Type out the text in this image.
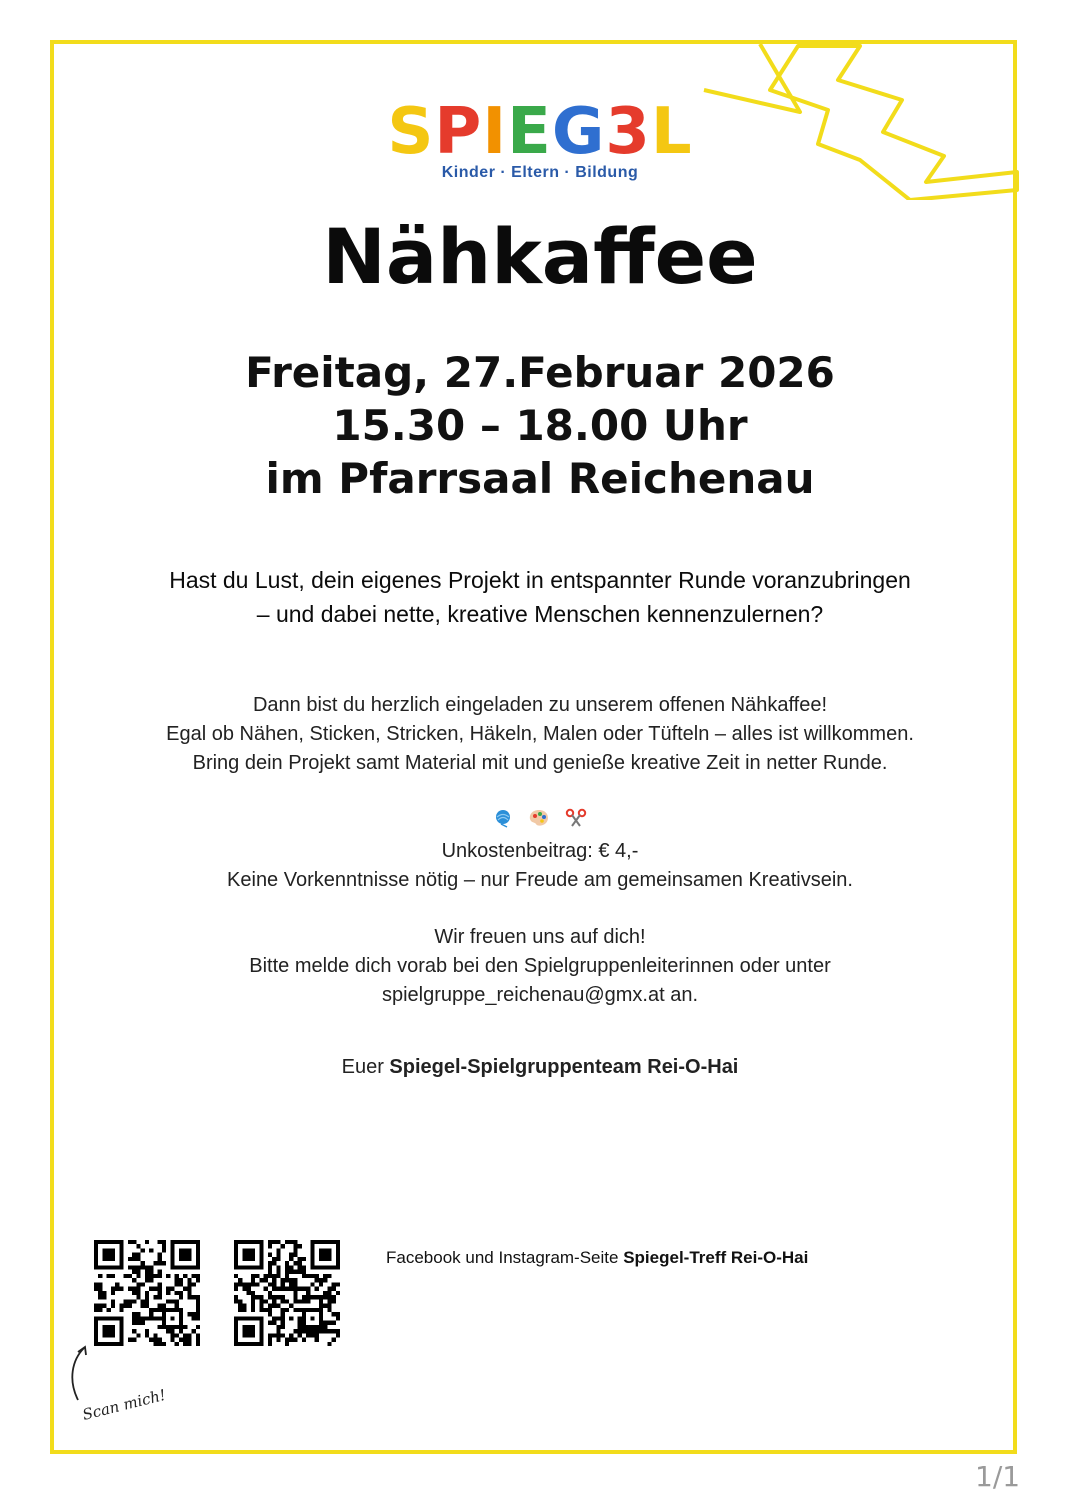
SPIEG3L
Kinder · Eltern · Bildung
Nähkaffee
Freitag, 27.Februar 2026
15.30 – 18.00 Uhr
im Pfarrsaal Reichenau
Hast du Lust, dein eigenes Projekt in entspannter Runde voranzubringen
– und dabei nette, kreative Menschen kennenzulernen?
Dann bist du herzlich eingeladen zu unserem offenen Nähkaffee!
Egal ob Nähen, Sticken, Stricken, Häkeln, Malen oder Tüfteln – alles ist willkommen.
Bring dein Projekt samt Material mit und genieße kreative Zeit in netter Runde.

Unkostenbeitrag: € 4,-
Keine Vorkenntnisse nötig – nur Freude am gemeinsamen Kreativsein.
Wir freuen uns auf dich!
Bitte melde dich vorab bei den Spielgruppenleiterinnen oder unter
spielgruppe_reichenau@gmx.at an.
Euer Spiegel-Spielgruppenteam Rei-O-Hai
Facebook und Instagram-Seite Spiegel-Treff Rei-O-Hai
Scan mich!
1/1
